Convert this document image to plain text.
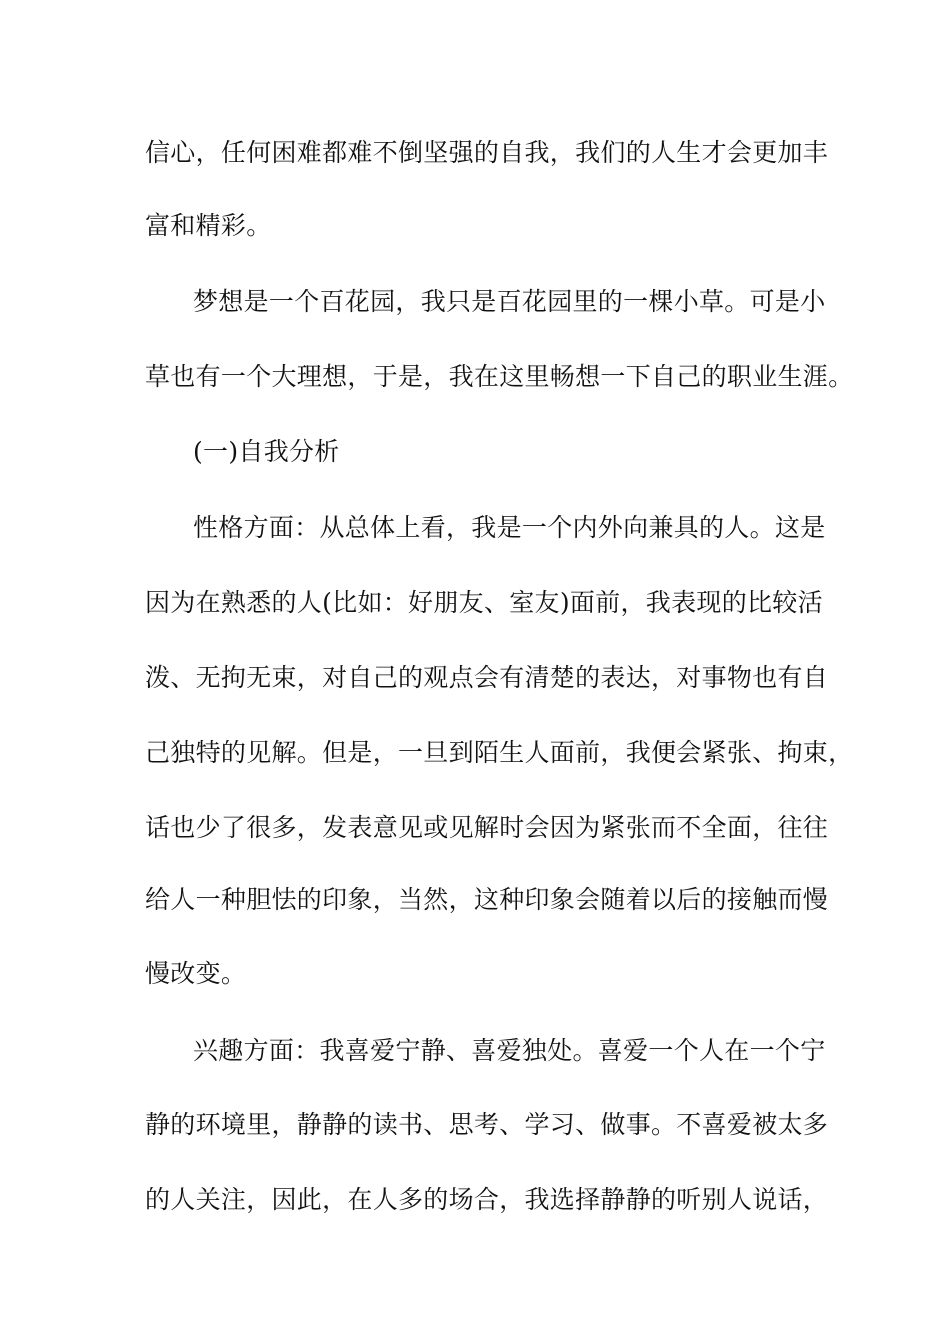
信心，任何困难都难不倒坚强的自我，我们的人生才会更加丰
富和精彩。
梦想是一个百花园，我只是百花园里的一棵小草。可是小
草也有一个大理想，于是，我在这里畅想一下自己的职业生涯。
(一)自我分析
性格方面：从总体上看，我是一个内外向兼具的人。这是
因为在熟悉的人(比如：好朋友、室友)面前，我表现的比较活
泼、无拘无束，对自己的观点会有清楚的表达，对事物也有自
己独特的见解。但是，一旦到陌生人面前，我便会紧张、拘束，
话也少了很多，发表意见或见解时会因为紧张而不全面，往往
给人一种胆怯的印象，当然，这种印象会随着以后的接触而慢
慢改变。
兴趣方面：我喜爱宁静、喜爱独处。喜爱一个人在一个宁
静的环境里，静静的读书、思考、学习、做事。不喜爱被太多
的人关注，因此，在人多的场合，我选择静静的听别人说话，
